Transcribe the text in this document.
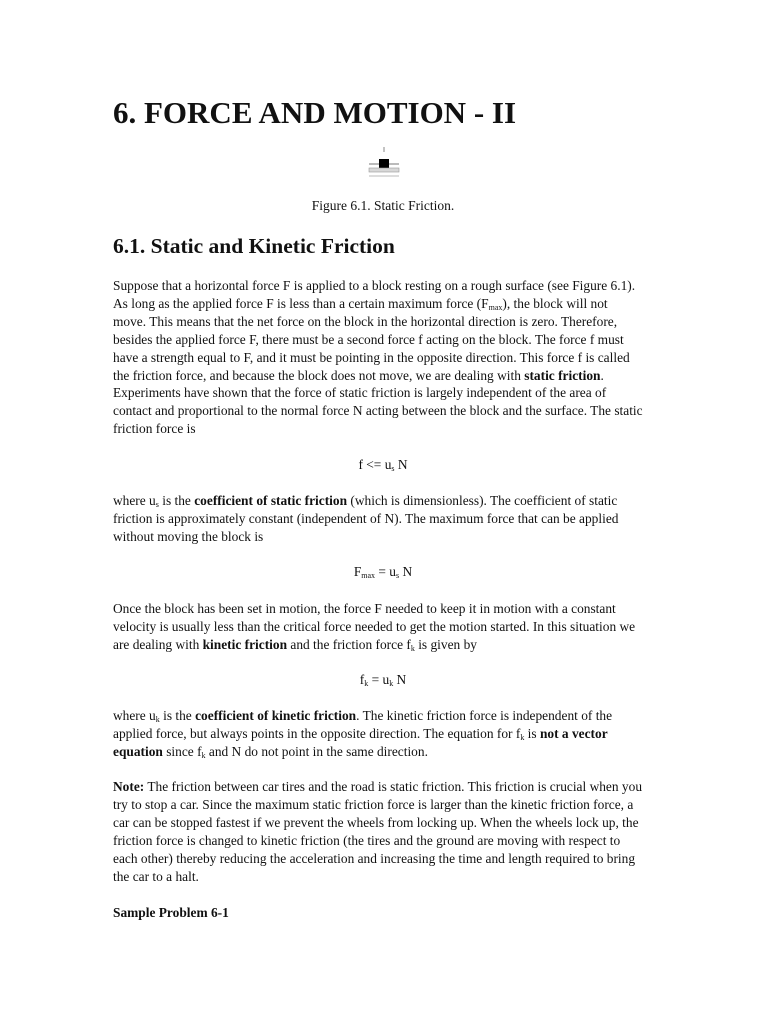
6. FORCE AND MOTION - II
Figure 6.1. Static Friction.
6.1. Static and Kinetic Friction

Suppose that a horizontal force F is applied to a block resting on a rough surface (see Figure 6.1). As long as the applied force F is less than a certain maximum force $(F_{max})$, the block will not move. This means that the net force on the block in the horizontal direction is zero. Therefore, besides the applied force F, there must be a second force f acting on the block. The force f must have a strength equal to F, and it must be pointing in the opposite direction. This force f is called the friction force, and because the block does not move, we are dealing with static friction. Experiments have shown that the force of static friction is largely independent of the area of contact and proportional to the normal force N acting between the block and the surface. The static friction force is

$f <= u_s$ N

where $u_s$ is the coefficient of static friction (which is dimensionless). The coefficient of static friction is approximately constant (independent of N). The maximum force that can be applied without moving the block is

$F_{max} = u_s$ N

Once the block has been set in motion, the force F needed to keep it in motion with a constant velocity is usually less than the critical force needed to get the motion started. In this situation we are dealing with kinetic friction and the friction force $f_k$ is given by

$f_k = u_k$ N

where $u_k$ is the coefficient of kinetic friction. The kinetic friction force is independent of the applied force, but always points in the opposite direction. The equation for $f_k$ is not a vector equation since $f_k$ and N do not point in the same direction.

Note: The friction between car tires and the road is static friction. This friction is crucial when you try to stop a car. Since the maximum static friction force is larger than the kinetic friction force, a car can be stopped fastest if we prevent the wheels from locking up. When the wheels lock up, the friction force is changed to kinetic friction (the tires and the ground are moving with respect to each other) thereby reducing the acceleration and increasing the time and length required to bring the car to a halt.

Sample Problem 6-1
